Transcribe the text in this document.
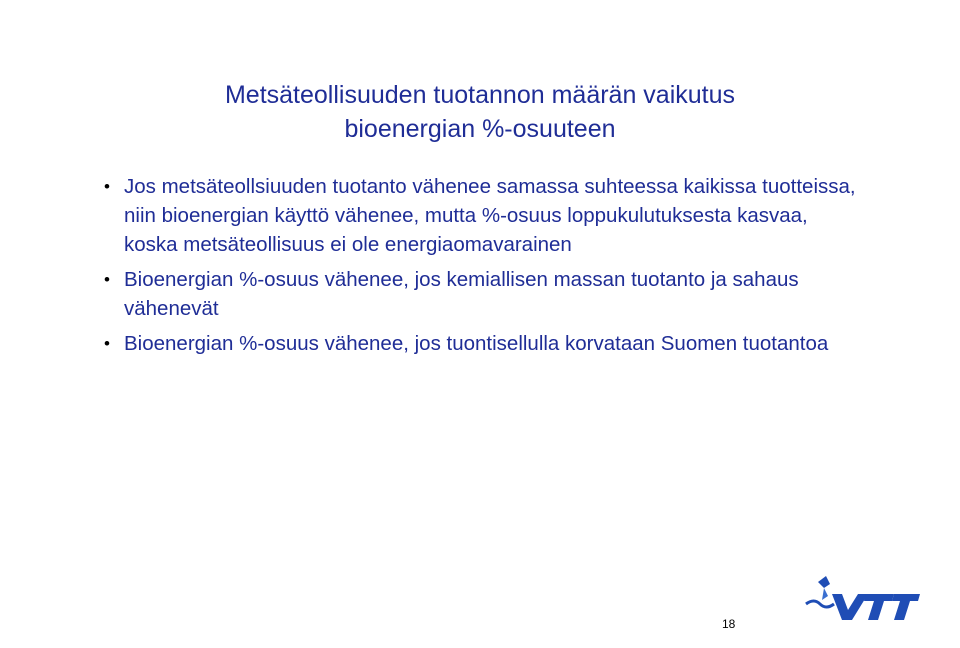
Metsäteollisuuden tuotannon määrän vaikutus
bioenergian %-osuuteen
• Jos metsäteollsiuuden tuotanto vähenee samassa suhteessa kaikissa tuotteissa, niin bioenergian käyttö vähenee, mutta %-osuus loppukulutuksesta kasvaa, koska metsäteollisuus ei ole energiaomavarainen
• Bioenergian %-osuus vähenee, jos kemiallisen massan tuotanto ja sahaus vähenevät
• Bioenergian %-osuus vähenee, jos tuontisellulla korvataan Suomen tuotantoa
18
